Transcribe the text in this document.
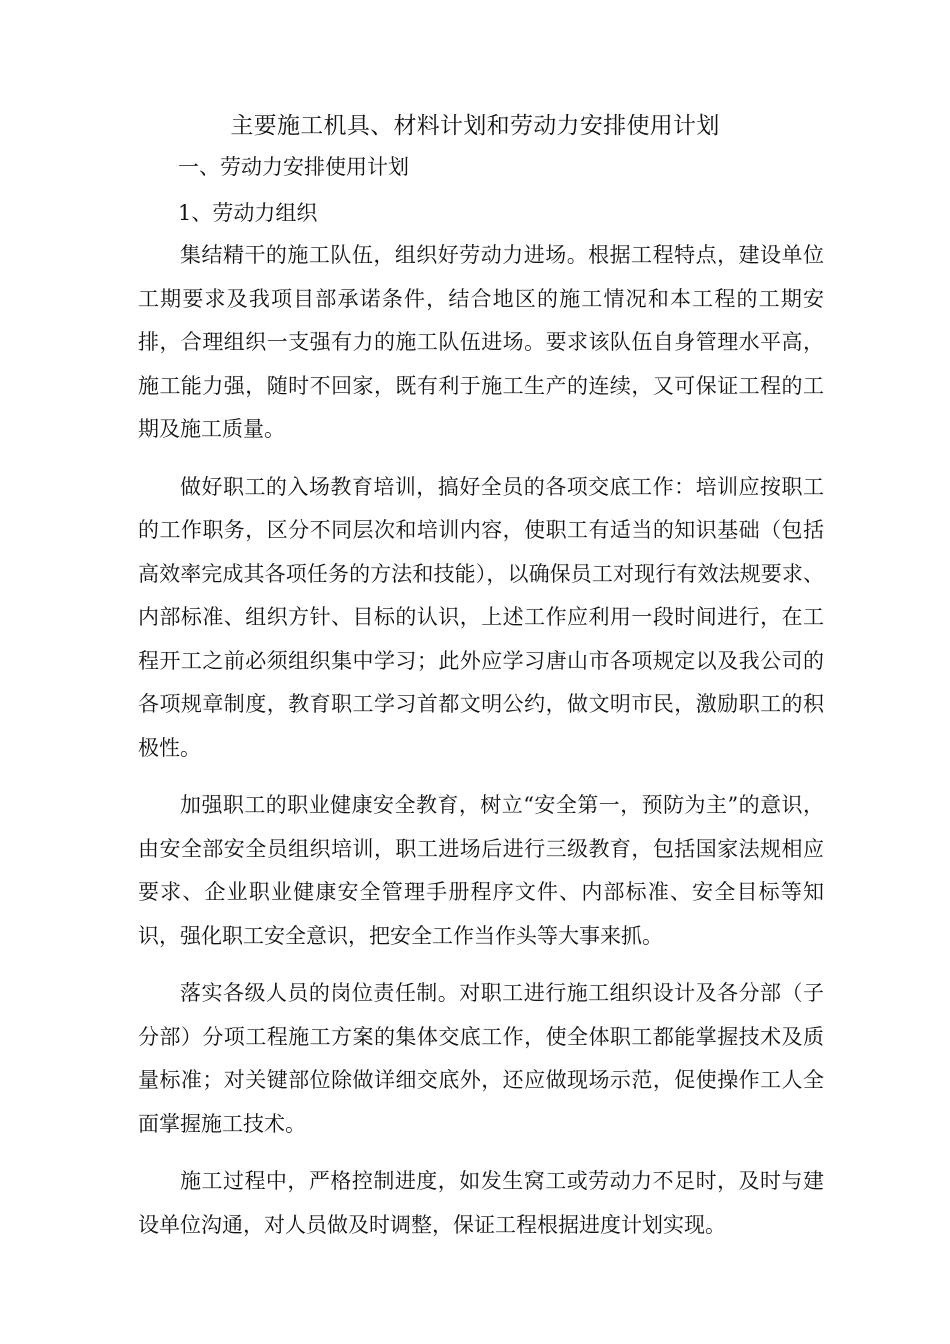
主要施工机具、材料计划和劳动力安排使用计划
一、劳动力安排使用计划
1、劳动力组织

集结精干的施工队伍，组织好劳动力进场。根据工程特点，建设单位工期要求及我项目部承诺条件，结合地区的施工情况和本工程的工期安排，合理组织一支强有力的施工队伍进场。要求该队伍自身管理水平高，施工能力强，随时不回家，既有利于施工生产的连续，又可保证工程的工期及施工质量。

做好职工的入场教育培训，搞好全员的各项交底工作：培训应按职工的工作职务，区分不同层次和培训内容，使职工有适当的知识基础（包括高效率完成其各项任务的方法和技能），以确保员工对现行有效法规要求、内部标准、组织方针、目标的认识，上述工作应利用一段时间进行，在工程开工之前必须组织集中学习；此外应学习唐山市各项规定以及我公司的各项规章制度，教育职工学习首都文明公约，做文明市民，激励职工的积极性。

加强职工的职业健康安全教育，树立“安全第一，预防为主”的意识，由安全部安全员组织培训，职工进场后进行三级教育，包括国家法规相应要求、企业职业健康安全管理手册程序文件、内部标准、安全目标等知识，强化职工安全意识，把安全工作当作头等大事来抓。

落实各级人员的岗位责任制。对职工进行施工组织设计及各分部（子分部）分项工程施工方案的集体交底工作，使全体职工都能掌握技术及质量标准；对关键部位除做详细交底外，还应做现场示范，促使操作工人全面掌握施工技术。

施工过程中，严格控制进度，如发生窝工或劳动力不足时，及时与建设单位沟通，对人员做及时调整，保证工程根据进度计划实现。
